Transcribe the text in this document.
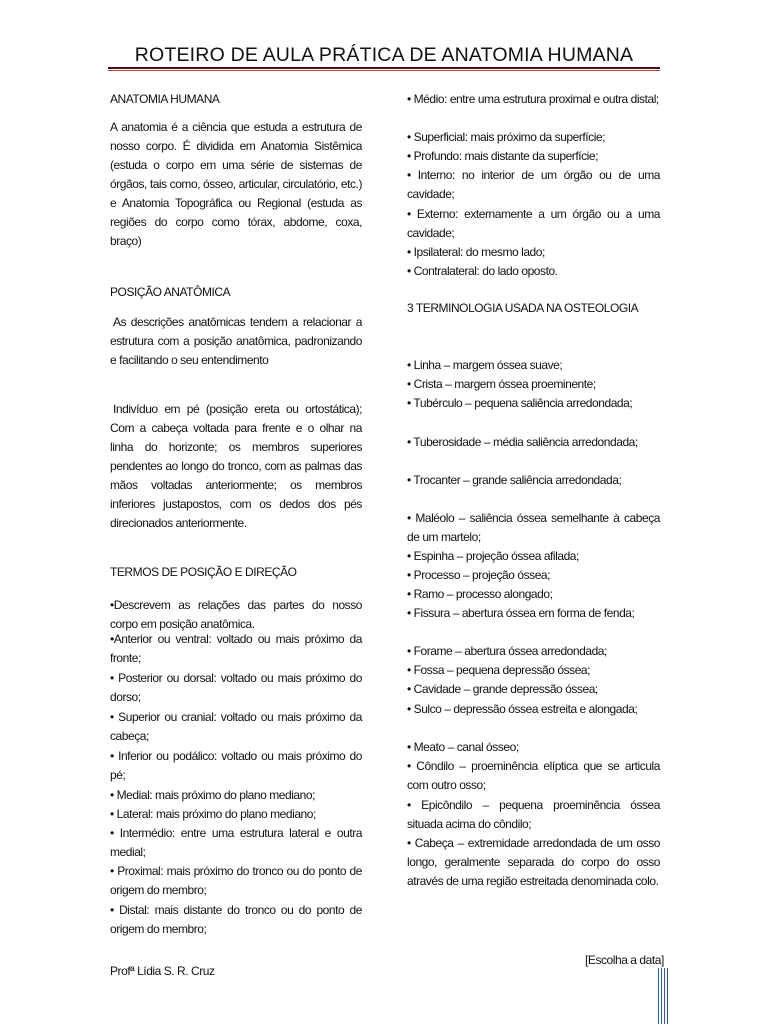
ROTEIRO DE AULA PRÁTICA DE ANATOMIA HUMANA

ANATOMIA HUMANA

A anatomia é a ciência que estuda a estrutura de nosso corpo. É dividida em Anatomia Sistêmica (estuda o corpo em uma série de sistemas de órgãos, tais como, ósseo, articular, circulatório, etc.) e Anatomia Topográfica ou Regional (estuda as regiões do corpo como tórax, abdome, coxa, braço)

POSIÇÃO ANATÔMICA

As descrições anatômicas tendem a relacionar a estrutura com a posição anatômica, padronizando e facilitando o seu entendimento

Indivíduo em pé (posição ereta ou ortostática); Com a cabeça voltada para frente e o olhar na linha do horizonte; os membros superiores pendentes ao longo do tronco, com as palmas das mãos voltadas anteriormente; os membros inferiores justapostos, com os dedos dos pés direcionados anteriormente.

TERMOS DE POSIÇÃO E DIREÇÃO

•Descrevem as relações das partes do nosso corpo em posição anatômica.

•Anterior ou ventral: voltado ou mais próximo da fronte;

• Posterior ou dorsal: voltado ou mais próximo do dorso;

• Superior ou cranial: voltado ou mais próximo da cabeça;

• Inferior ou podálico: voltado ou mais próximo do pé;

• Medial: mais próximo do plano mediano;

• Lateral: mais próximo do plano mediano;

• Intermédio: entre uma estrutura lateral e outra medial;

• Proximal: mais próximo do tronco ou do ponto de origem do membro;

• Distal: mais distante do tronco ou do ponto de origem do membro;

• Médio: entre uma estrutura proximal e outra distal;

• Superficial: mais próximo da superfície;

• Profundo: mais distante da superfície;

• Interno: no interior de um órgão ou de uma cavidade;

• Externo: externamente a um órgão ou a uma cavidade;

• Ipsilateral: do mesmo lado;

• Contralateral: do lado oposto.

3 TERMINOLOGIA USADA NA OSTEOLOGIA

• Linha – margem óssea suave;

• Crista – margem óssea proeminente;

• Tubérculo – pequena saliência arredondada;

• Tuberosidade – média saliência arredondada;

• Trocanter – grande saliência arredondada;

• Maléolo – saliência óssea semelhante à cabeça de um martelo;

• Espinha – projeção óssea afilada;

• Processo – projeção óssea;

• Ramo – processo alongado;

• Fissura – abertura óssea em forma de fenda;

• Forame – abertura óssea arredondada;

• Fossa – pequena depressão óssea;

• Cavidade – grande depressão óssea;

• Sulco – depressão óssea estreita e alongada;

• Meato – canal ósseo;

• Côndilo – proeminência elíptica que se articula com outro osso;

• Epicôndilo – pequena proeminência óssea situada acima do côndilo;

• Cabeça – extremidade arredondada de um osso longo, geralmente separada do corpo do osso através de uma região estreitada denominada colo.

Profª Lídia S. R. Cruz
[Escolha a data]
